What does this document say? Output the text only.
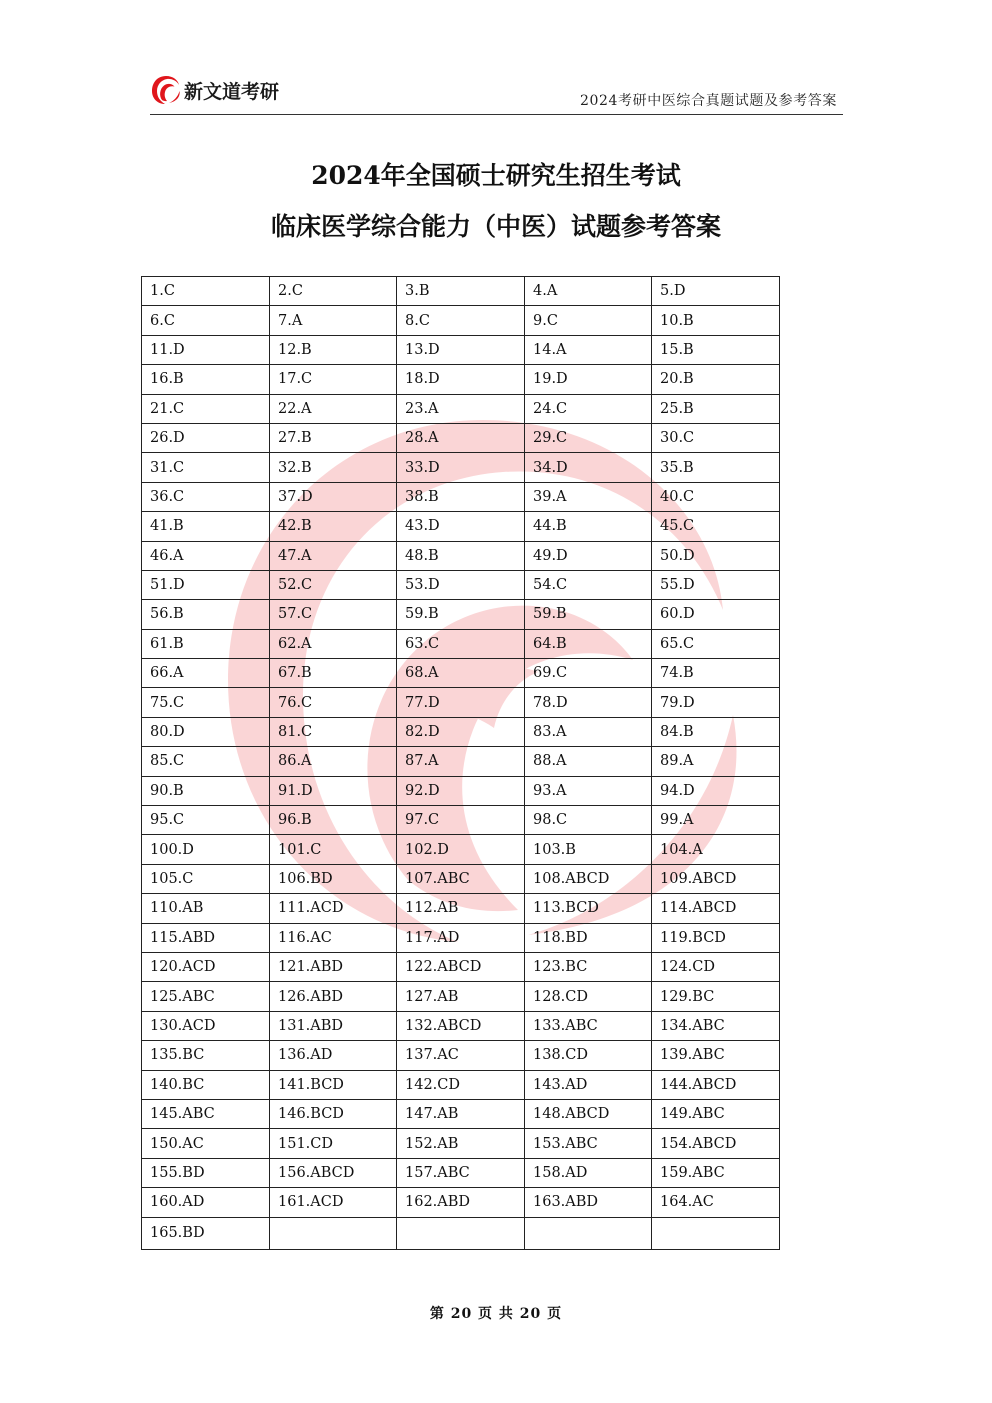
新文道考研	2024考研中医综合真题试题及参考答案
2024年全国硕士研究生招生考试
临床医学综合能力（中医）试题参考答案
1.C	2.C	3.B	4.A	5.D
6.C	7.A	8.C	9.C	10.B
11.D	12.B	13.D	14.A	15.B
16.B	17.C	18.D	19.D	20.B
21.C	22.A	23.A	24.C	25.B
26.D	27.B	28.A	29.C	30.C
31.C	32.B	33.D	34.D	35.B
36.C	37.D	38.B	39.A	40.C
41.B	42.B	43.D	44.B	45.C
46.A	47.A	48.B	49.D	50.D
51.D	52.C	53.D	54.C	55.D
56.B	57.C	59.B	59.B	60.D
61.B	62.A	63.C	64.B	65.C
66.A	67.B	68.A	69.C	74.B
75.C	76.C	77.D	78.D	79.D
80.D	81.C	82.D	83.A	84.B
85.C	86.A	87.A	88.A	89.A
90.B	91.D	92.D	93.A	94.D
95.C	96.B	97.C	98.C	99.A
100.D	101.C	102.D	103.B	104.A
105.C	106.BD	107.ABC	108.ABCD	109.ABCD
110.AB	111.ACD	112.AB	113.BCD	114.ABCD
115.ABD	116.AC	117.AD	118.BD	119.BCD
120.ACD	121.ABD	122.ABCD	123.BC	124.CD
125.ABC	126.ABD	127.AB	128.CD	129.BC
130.ACD	131.ABD	132.ABCD	133.ABC	134.ABC
135.BC	136.AD	137.AC	138.CD	139.ABC
140.BC	141.BCD	142.CD	143.AD	144.ABCD
145.ABC	146.BCD	147.AB	148.ABCD	149.ABC
150.AC	151.CD	152.AB	153.ABC	154.ABCD
155.BD	156.ABCD	157.ABC	158.AD	159.ABC
160.AD	161.ACD	162.ABD	163.ABD	164.AC
165.BD				
第 20 页 共 20 页
